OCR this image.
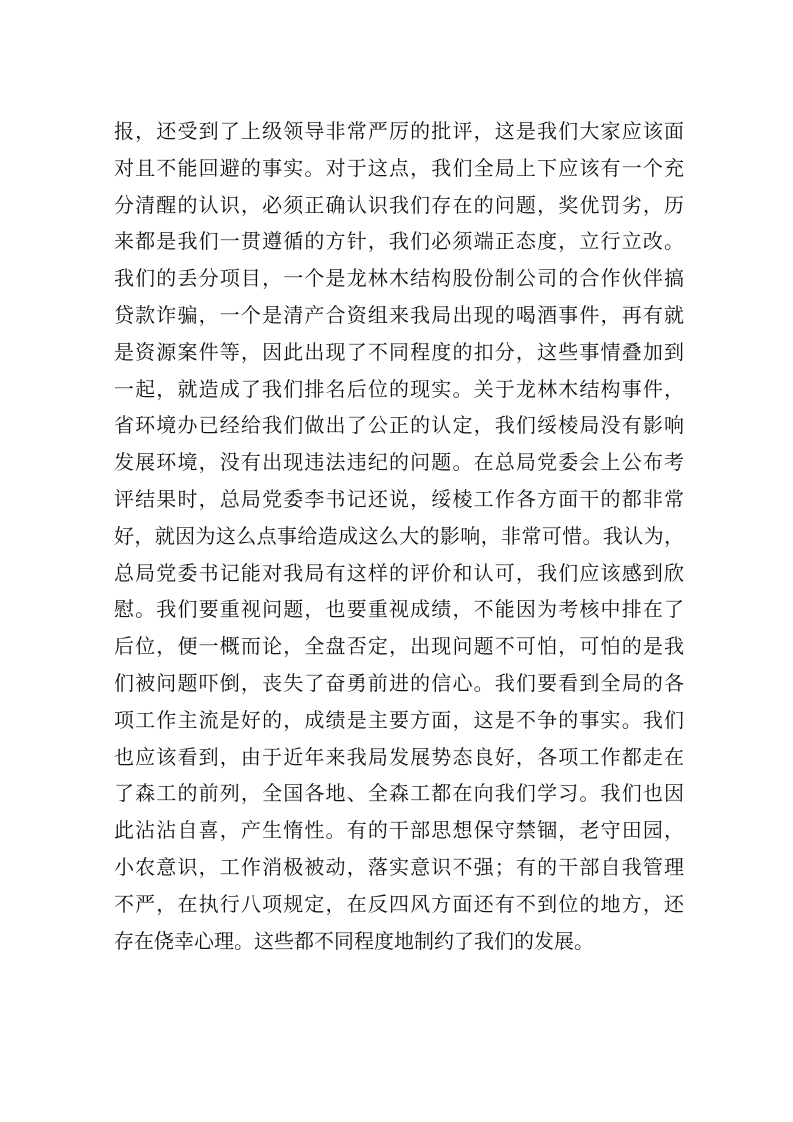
报，还受到了上级领导非常严厉的批评，这是我们大家应该面
对且不能回避的事实。对于这点，我们全局上下应该有一个充
分清醒的认识，必须正确认识我们存在的问题，奖优罚劣，历
来都是我们一贯遵循的方针，我们必须端正态度，立行立改。
我们的丢分项目，一个是龙林木结构股份制公司的合作伙伴搞
贷款诈骗，一个是清产合资组来我局出现的喝酒事件，再有就
是资源案件等，因此出现了不同程度的扣分，这些事情叠加到
一起，就造成了我们排名后位的现实。关于龙林木结构事件，
省环境办已经给我们做出了公正的认定，我们绥棱局没有影响
发展环境，没有出现违法违纪的问题。在总局党委会上公布考
评结果时，总局党委李书记还说，绥棱工作各方面干的都非常
好，就因为这么点事给造成这么大的影响，非常可惜。我认为，
总局党委书记能对我局有这样的评价和认可，我们应该感到欣
慰。我们要重视问题，也要重视成绩，不能因为考核中排在了
后位，便一概而论，全盘否定，出现问题不可怕，可怕的是我
们被问题吓倒，丧失了奋勇前进的信心。我们要看到全局的各
项工作主流是好的，成绩是主要方面，这是不争的事实。我们
也应该看到，由于近年来我局发展势态良好，各项工作都走在
了森工的前列，全国各地、全森工都在向我们学习。我们也因
此沾沾自喜，产生惰性。有的干部思想保守禁锢，老守田园，
小农意识，工作消极被动，落实意识不强；有的干部自我管理
不严，在执行八项规定，在反四风方面还有不到位的地方，还
存在侥幸心理。这些都不同程度地制约了我们的发展。
